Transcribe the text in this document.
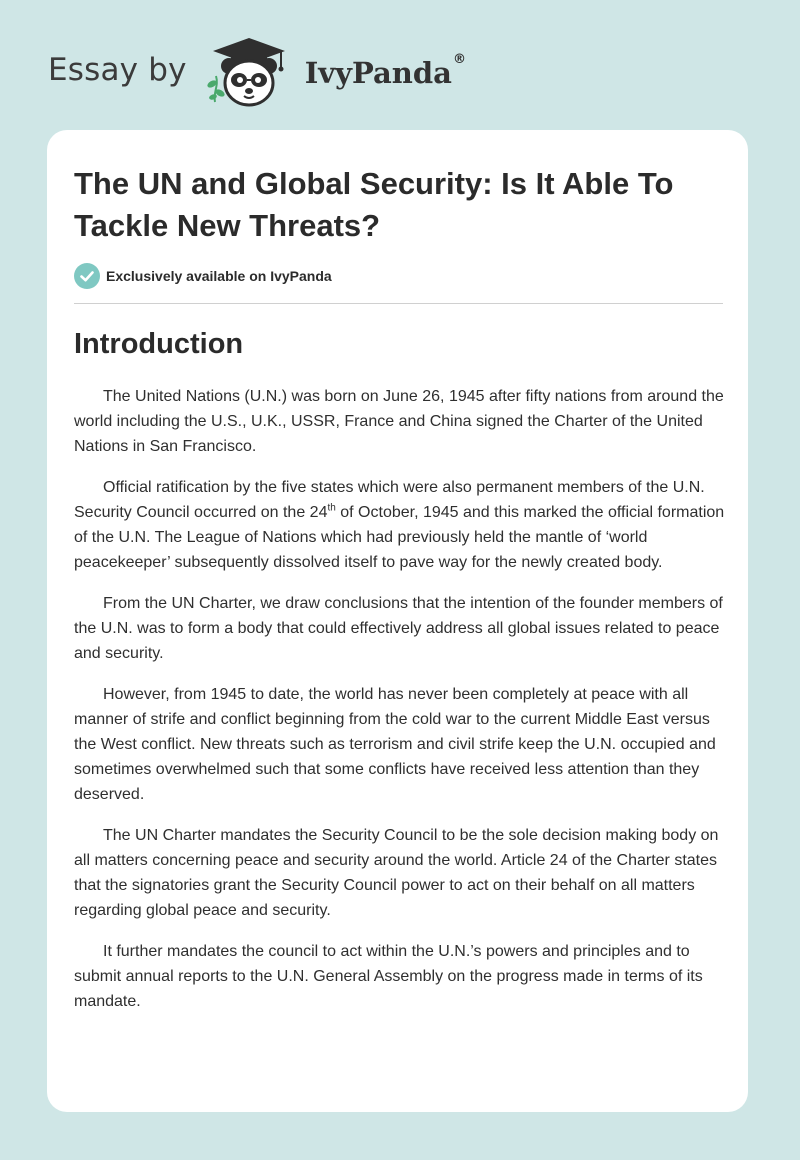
Essay by	IvyPanda®
The UN and Global Security: Is It Able To Tackle New Threats?
Exclusively available on IvyPanda
Introduction

The United Nations (U.N.) was born on June 26, 1945 after fifty nations from around the world including the U.S., U.K., USSR, France and China signed the Charter of the United Nations in San Francisco.

Official ratification by the five states which were also permanent members of the U.N. Security Council occurred on the 24th of October, 1945 and this marked the official formation of the U.N. The League of Nations which had previously held the mantle of ‘world peacekeeper’ subsequently dissolved itself to pave way for the newly created body.

From the UN Charter, we draw conclusions that the intention of the founder members of the U.N. was to form a body that could effectively address all global issues related to peace and security.

However, from 1945 to date, the world has never been completely at peace with all manner of strife and conflict beginning from the cold war to the current Middle East versus the West conflict. New threats such as terrorism and civil strife keep the U.N. occupied and sometimes overwhelmed such that some conflicts have received less attention than they deserved.

The UN Charter mandates the Security Council to be the sole decision making body on all matters concerning peace and security around the world. Article 24 of the Charter states that the signatories grant the Security Council power to act on their behalf on all matters regarding global peace and security.

It further mandates the council to act within the U.N.’s powers and principles and to submit annual reports to the U.N. General Assembly on the progress made in terms of its mandate.
